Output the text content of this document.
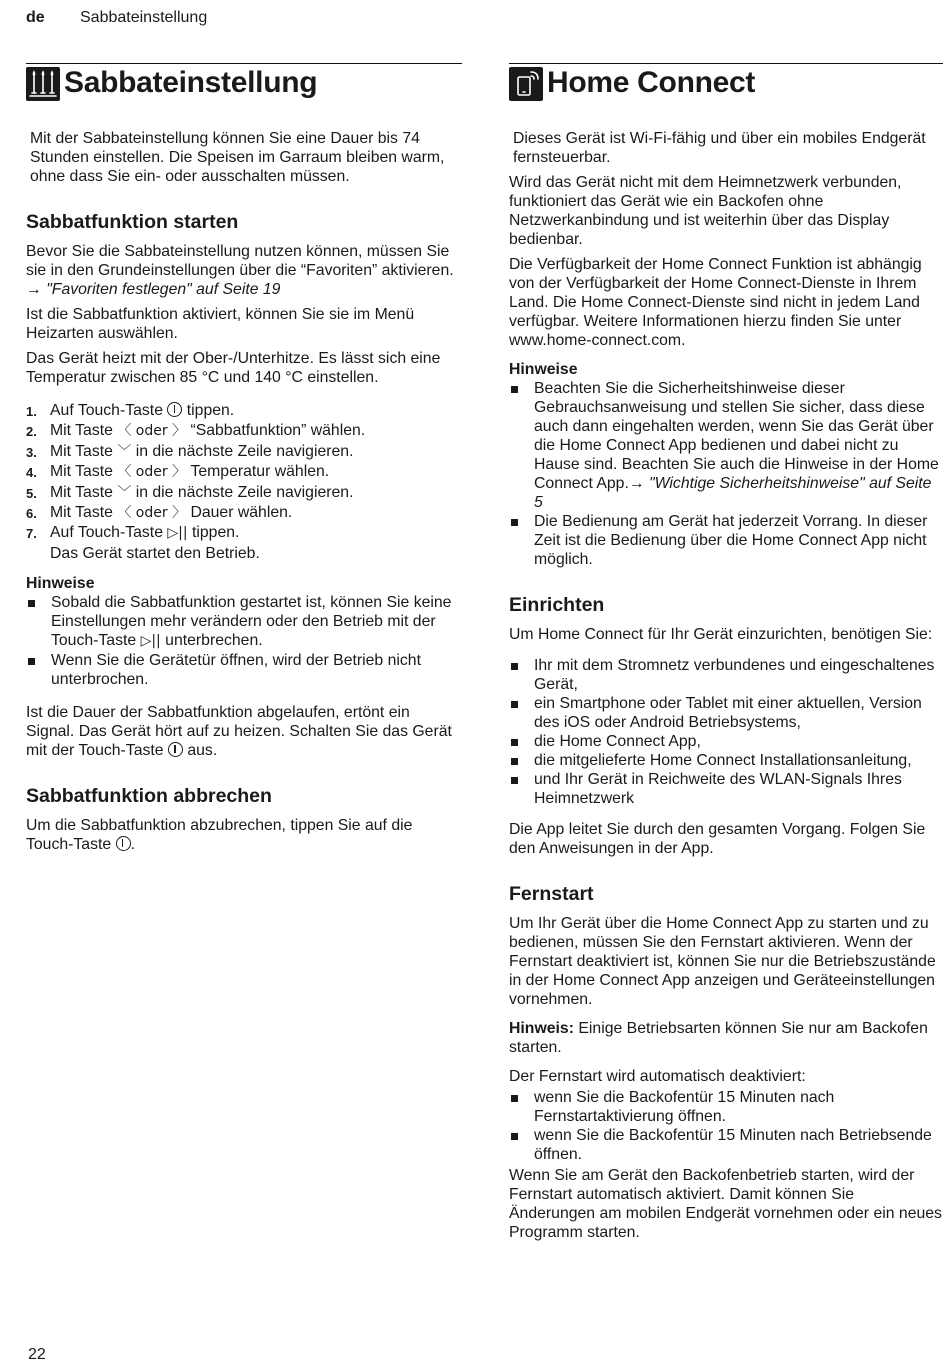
de Sabbateinstellung
Sabbateinstellung

Mit der Sabbateinstellung können Sie eine Dauer bis 74 Stunden einstellen. Die Speisen im Garraum bleiben warm, ohne dass Sie ein- oder ausschalten müssen.

Sabbatfunktion starten

Bevor Sie die Sabbateinstellung nutzen können, müssen Sie sie in den Grundeinstellungen über die “Favoriten” aktivieren. → "Favoriten festlegen" auf Seite 19

Ist die Sabbatfunktion aktiviert, können Sie sie im Menü Heizarten auswählen.

Das Gerät heizt mit der Ober-/Unterhitze. Es lässt sich eine Temperatur zwischen 85 °C und 140 °C einstellen.

1. Auf Touch-Taste tippen.
2. Mit Taste 〈 oder 〉 “Sabbatfunktion” wählen.
3. Mit Taste ﹀ in die nächste Zeile navigieren.
4. Mit Taste 〈 oder 〉 Temperatur wählen.
5. Mit Taste ﹀ in die nächste Zeile navigieren.
6. Mit Taste 〈 oder 〉 Dauer wählen.
7. Auf Touch-Taste ▷|| tippen.
Das Gerät startet den Betrieb.
Hinweise
Sobald die Sabbatfunktion gestartet ist, können Sie keine Einstellungen mehr verändern oder den Betrieb mit der Touch-Taste ▷|| unterbrechen.
Wenn Sie die Gerätetür öffnen, wird der Betrieb nicht unterbrochen.

Ist die Dauer der Sabbatfunktion abgelaufen, ertönt ein Signal. Das Gerät hört auf zu heizen. Schalten Sie das Gerät mit der Touch-Taste aus.

Sabbatfunktion abbrechen

Um die Sabbatfunktion abzubrechen, tippen Sie auf die Touch-Taste .

Home Connect

Dieses Gerät ist Wi-Fi-fähig und über ein mobiles Endgerät fernsteuerbar.

Wird das Gerät nicht mit dem Heimnetzwerk verbunden, funktioniert das Gerät wie ein Backofen ohne Netzwerkanbindung und ist weiterhin über das Display bedienbar.

Die Verfügbarkeit der Home Connect Funktion ist abhängig von der Verfügbarkeit der Home Connect-Dienste in Ihrem Land. Die Home Connect-Dienste sind nicht in jedem Land verfügbar. Weitere Informationen hierzu finden Sie unter www.home-connect.com.

Hinweise
Beachten Sie die Sicherheitshinweise dieser Gebrauchsanweisung und stellen Sie sicher, dass diese auch dann eingehalten werden, wenn Sie das Gerät über die Home Connect App bedienen und dabei nicht zu Hause sind. Beachten Sie auch die Hinweise in der Home Connect App.→ "Wichtige Sicherheitshinweise" auf Seite 5
Die Bedienung am Gerät hat jederzeit Vorrang. In dieser Zeit ist die Bedienung über die Home Connect App nicht möglich.
Einrichten

Um Home Connect für Ihr Gerät einzurichten, benötigen Sie:

Ihr mit dem Stromnetz verbundenes und eingeschaltenes Gerät,
ein Smartphone oder Tablet mit einer aktuellen, Version des iOS oder Android Betriebsystems,
die Home Connect App,
die mitgelieferte Home Connect Installationsanleitung,
und Ihr Gerät in Reichweite des WLAN-Signals Ihres Heimnetzwerk

Die App leitet Sie durch den gesamten Vorgang. Folgen Sie den Anweisungen in der App.

Fernstart

Um Ihr Gerät über die Home Connect App zu starten und zu bedienen, müssen Sie den Fernstart aktivieren. Wenn der Fernstart deaktiviert ist, können Sie nur die Betriebszustände in der Home Connect App anzeigen und Geräteeinstellungen vornehmen.

Hinweis: Einige Betriebsarten können Sie nur am Backofen starten.

Der Fernstart wird automatisch deaktiviert:

wenn Sie die Backofentür 15 Minuten nach Fernstartaktivierung öffnen.
wenn Sie die Backofentür 15 Minuten nach Betriebsende öffnen.

Wenn Sie am Gerät den Backofenbetrieb starten, wird der Fernstart automatisch aktiviert. Damit können Sie Änderungen am mobilen Endgerät vornehmen oder ein neues Programm starten.

22
